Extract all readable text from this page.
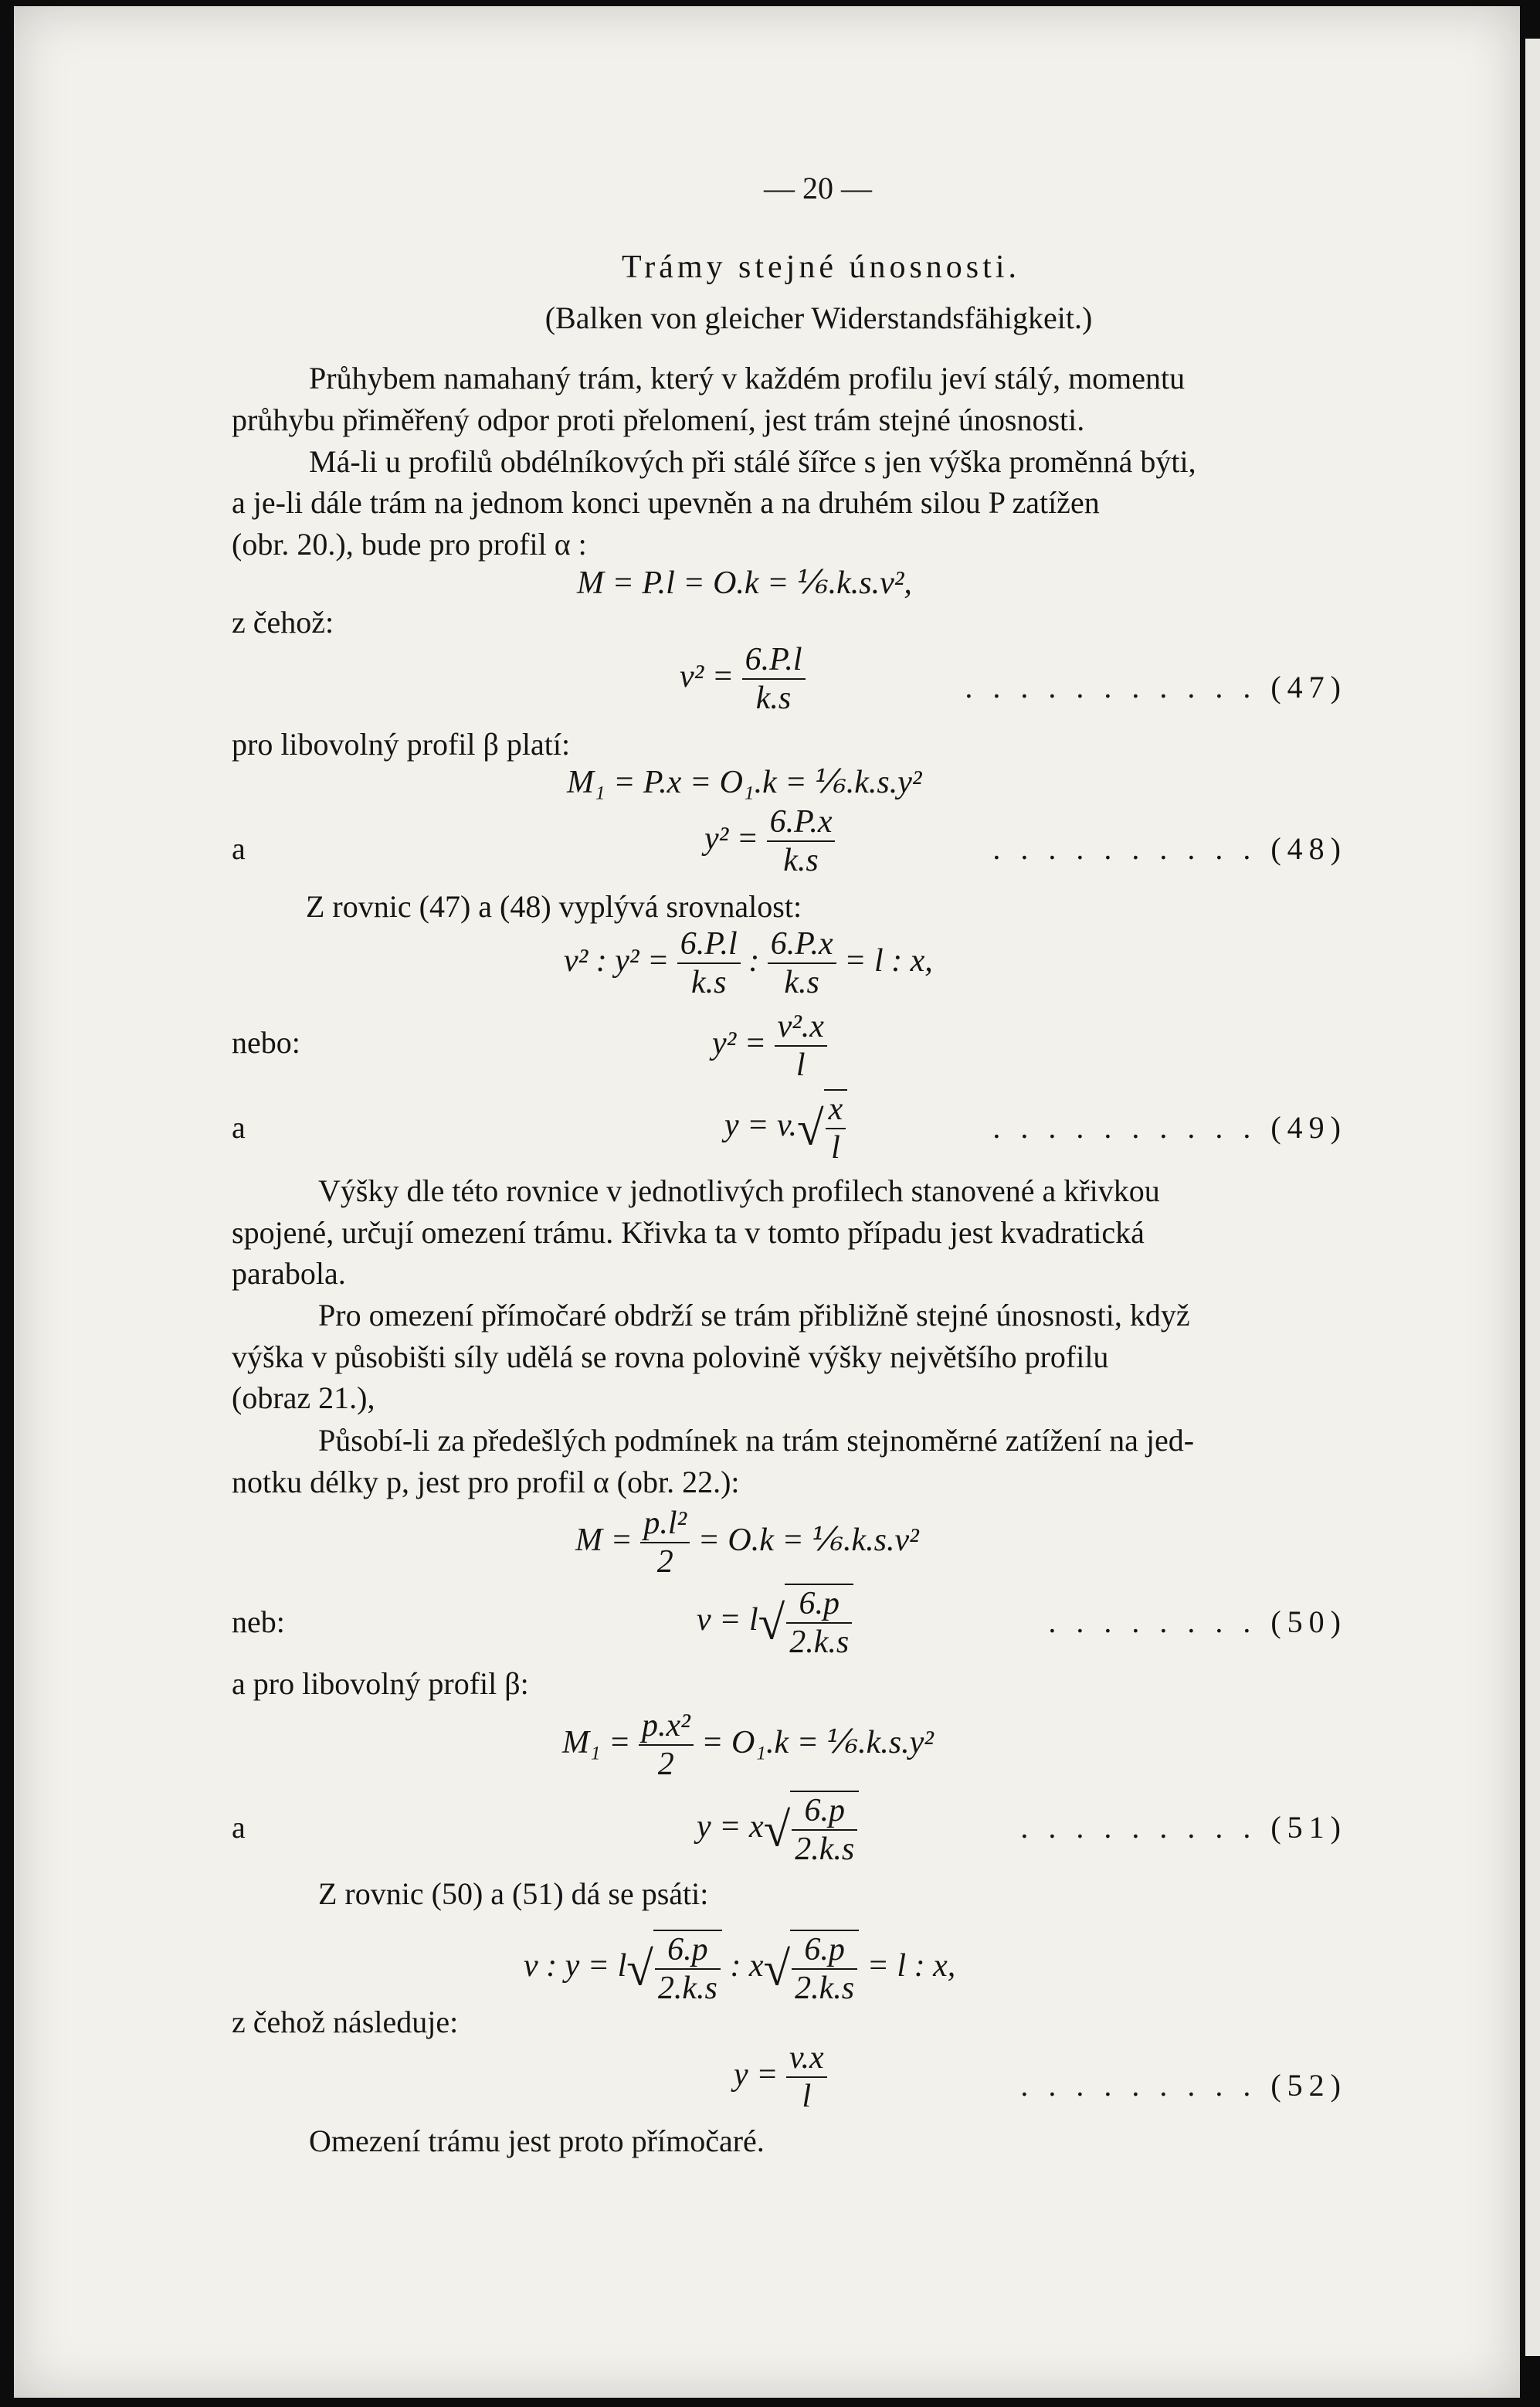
— 20 —

Trámy stejné únosnosti.

(Balken von gleicher Widerstandsfähigkeit.)

Průhybem namahaný trám, který v každém profilu jeví stálý, momentu

průhybu přiměřený odpor proti přelomení, jest trám stejné únosnosti.

Má-li u profilů obdélníkových při stálé šířce s jen výška proměnná býti,

a je-li dále trám na jednom konci upevněn a na druhém silou P zatížen

(obr. 20.), bude pro profil α :

M = P.l = O.k = ⅙.k.s.v²,

z čehož:

$v^2 = \frac{6.P.l}{k.s}$	. . . . . . . . . . . (47)

pro libovolný profil β platí:

M₁ = P.x = O₁.k = ⅙.k.s.y²

a	$y^2 = \frac{6.P.x}{k.s}$	. . . . . . . . . . (48)

Z rovnic (47) a (48) vyplývá srovnalost:

v² : $y^2 = \frac{6.P.l}{k.s}$ : $\frac{6.P.x}{k.s} = l$ : x,

nebo:	$y^2 = \frac{\text{v².x}}{l}$

a	$y = v.√ \frac{x}{l}$	. . . . . . . . . . (49)

Výšky dle této rovnice v jednotlivých profilech stanovené a křivkou

spojené, určují omezení trámu. Křivka ta v tomto případu jest kvadratická

parabola.

Pro omezení přímočaré obdrží se trám přibližně stejné únosnosti, když

výška v působišti síly udělá se rovna polovině výšky největšího profilu

(obraz 21.),

Působí-li za předešlých podmínek na trám stejnoměrné zatížení na jed-

notku délky p, jest pro profil α (obr. 22.):

$M = \frac{\text{p.l²}}{2} = O.k$ = ⅙.k.s.v²

neb:	$v = l√ \frac{6.p}{2.k.s}$	. . . . . . . . (50)

a pro libovolný profil β:

$M_1 = \frac{\text{p.x²}}{2} = O_1.k$ = ⅙.k.s.y²

a	$y = x√ \frac{6.p}{2.k.s}$	. . . . . . . . . (51)

Z rovnic (50) a (51) dá se psáti:

v : $y = l√ \frac{6.p}{2.k.s}$ : $x√ \frac{6.p}{2.k.s} = l$ : x,

z čehož následuje:

$y = \frac{v.x}{l}$	. . . . . . . . . (52)

Omezení trámu jest proto přímočaré.
